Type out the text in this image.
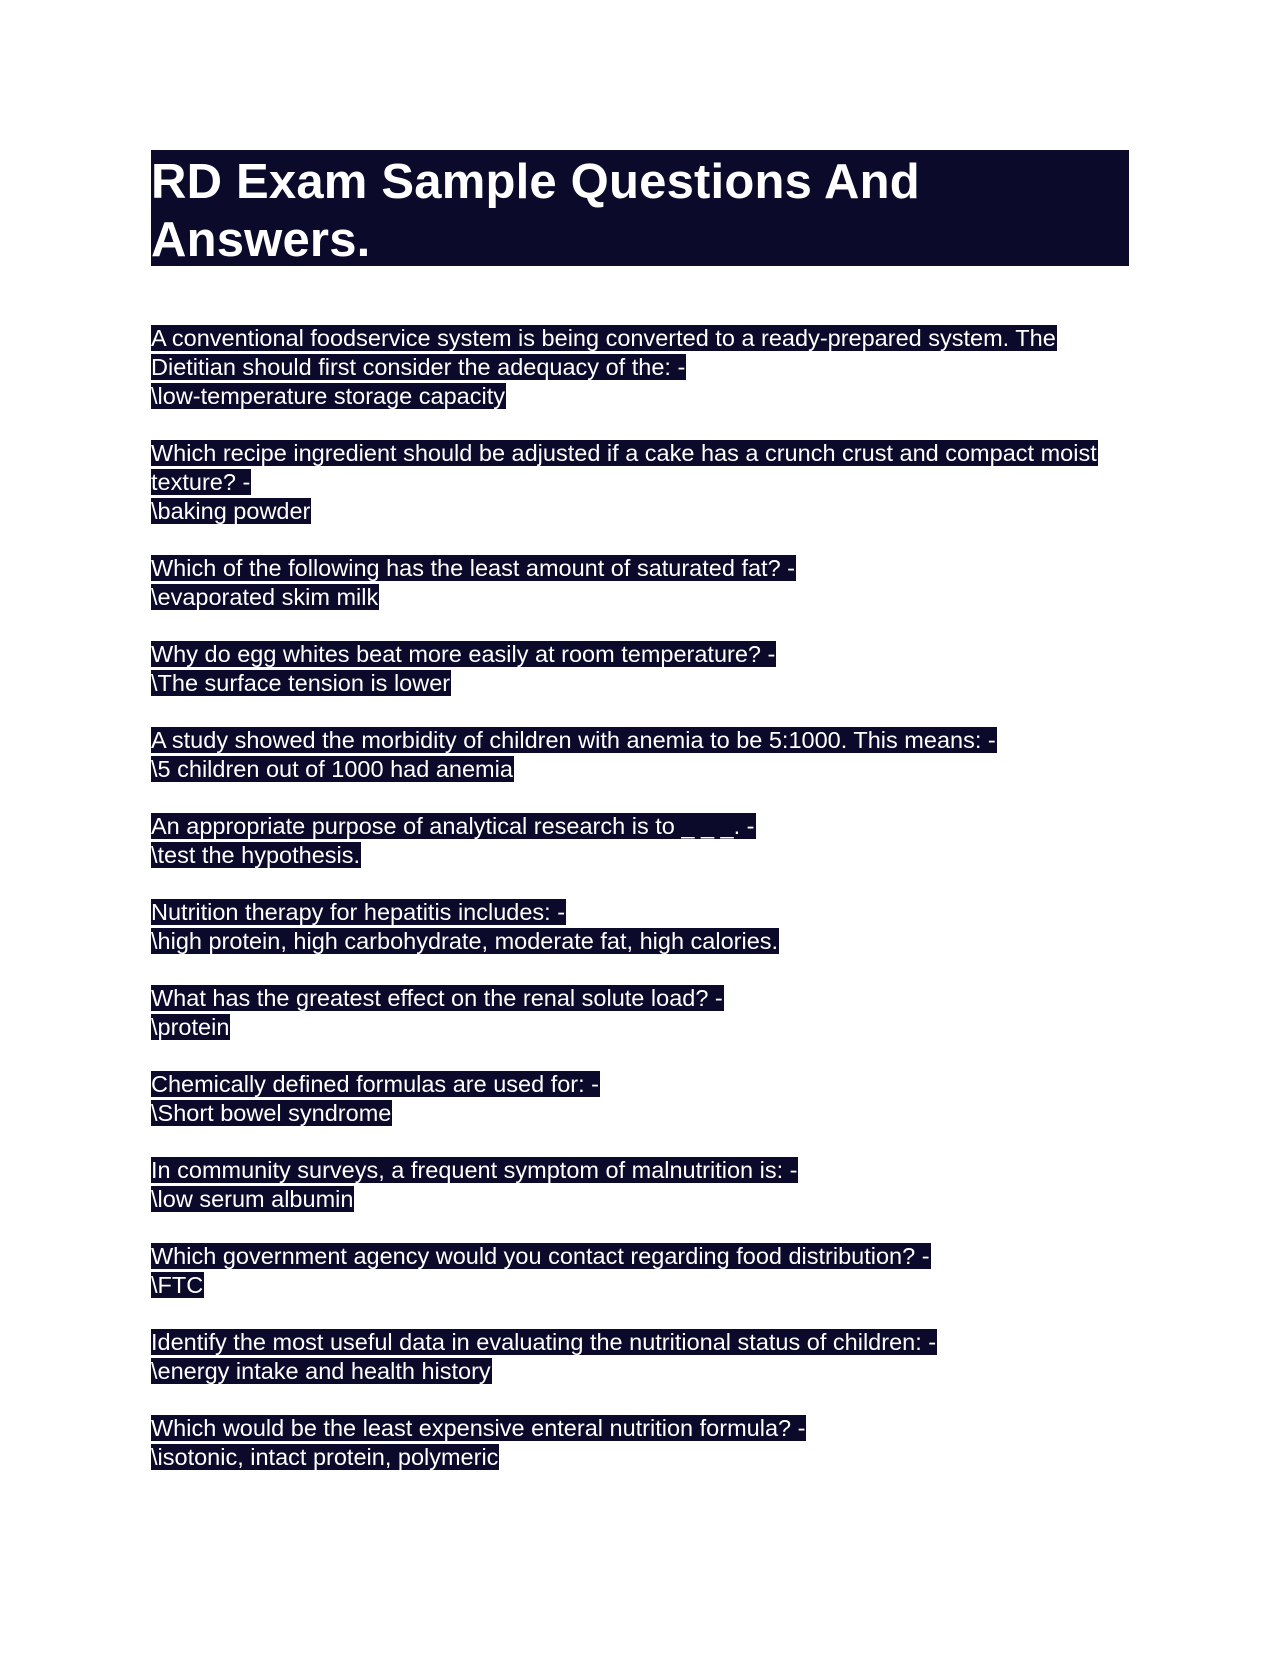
RD Exam Sample Questions And Answers.
A conventional foodservice system is being converted to a ready-prepared system. The Dietitian should first consider the adequacy of the: -
\low-temperature storage capacity
Which recipe ingredient should be adjusted if a cake has a crunch crust and compact moist texture? -
\baking powder
Which of the following has the least amount of saturated fat? -
\evaporated skim milk
Why do egg whites beat more easily at room temperature? -
\The surface tension is lower
A study showed the morbidity of children with anemia to be 5:1000. This means: -
\5 children out of 1000 had anemia
An appropriate purpose of analytical research is to _ _ _. -
\test the hypothesis.
Nutrition therapy for hepatitis includes: -
\high protein, high carbohydrate, moderate fat, high calories.
What has the greatest effect on the renal solute load? -
\protein
Chemically defined formulas are used for: -
\Short bowel syndrome
In community surveys, a frequent symptom of malnutrition is: -
\low serum albumin
Which government agency would you contact regarding food distribution? -
\FTC
Identify the most useful data in evaluating the nutritional status of children: -
\energy intake and health history
Which would be the least expensive enteral nutrition formula? -
\isotonic, intact protein, polymeric
